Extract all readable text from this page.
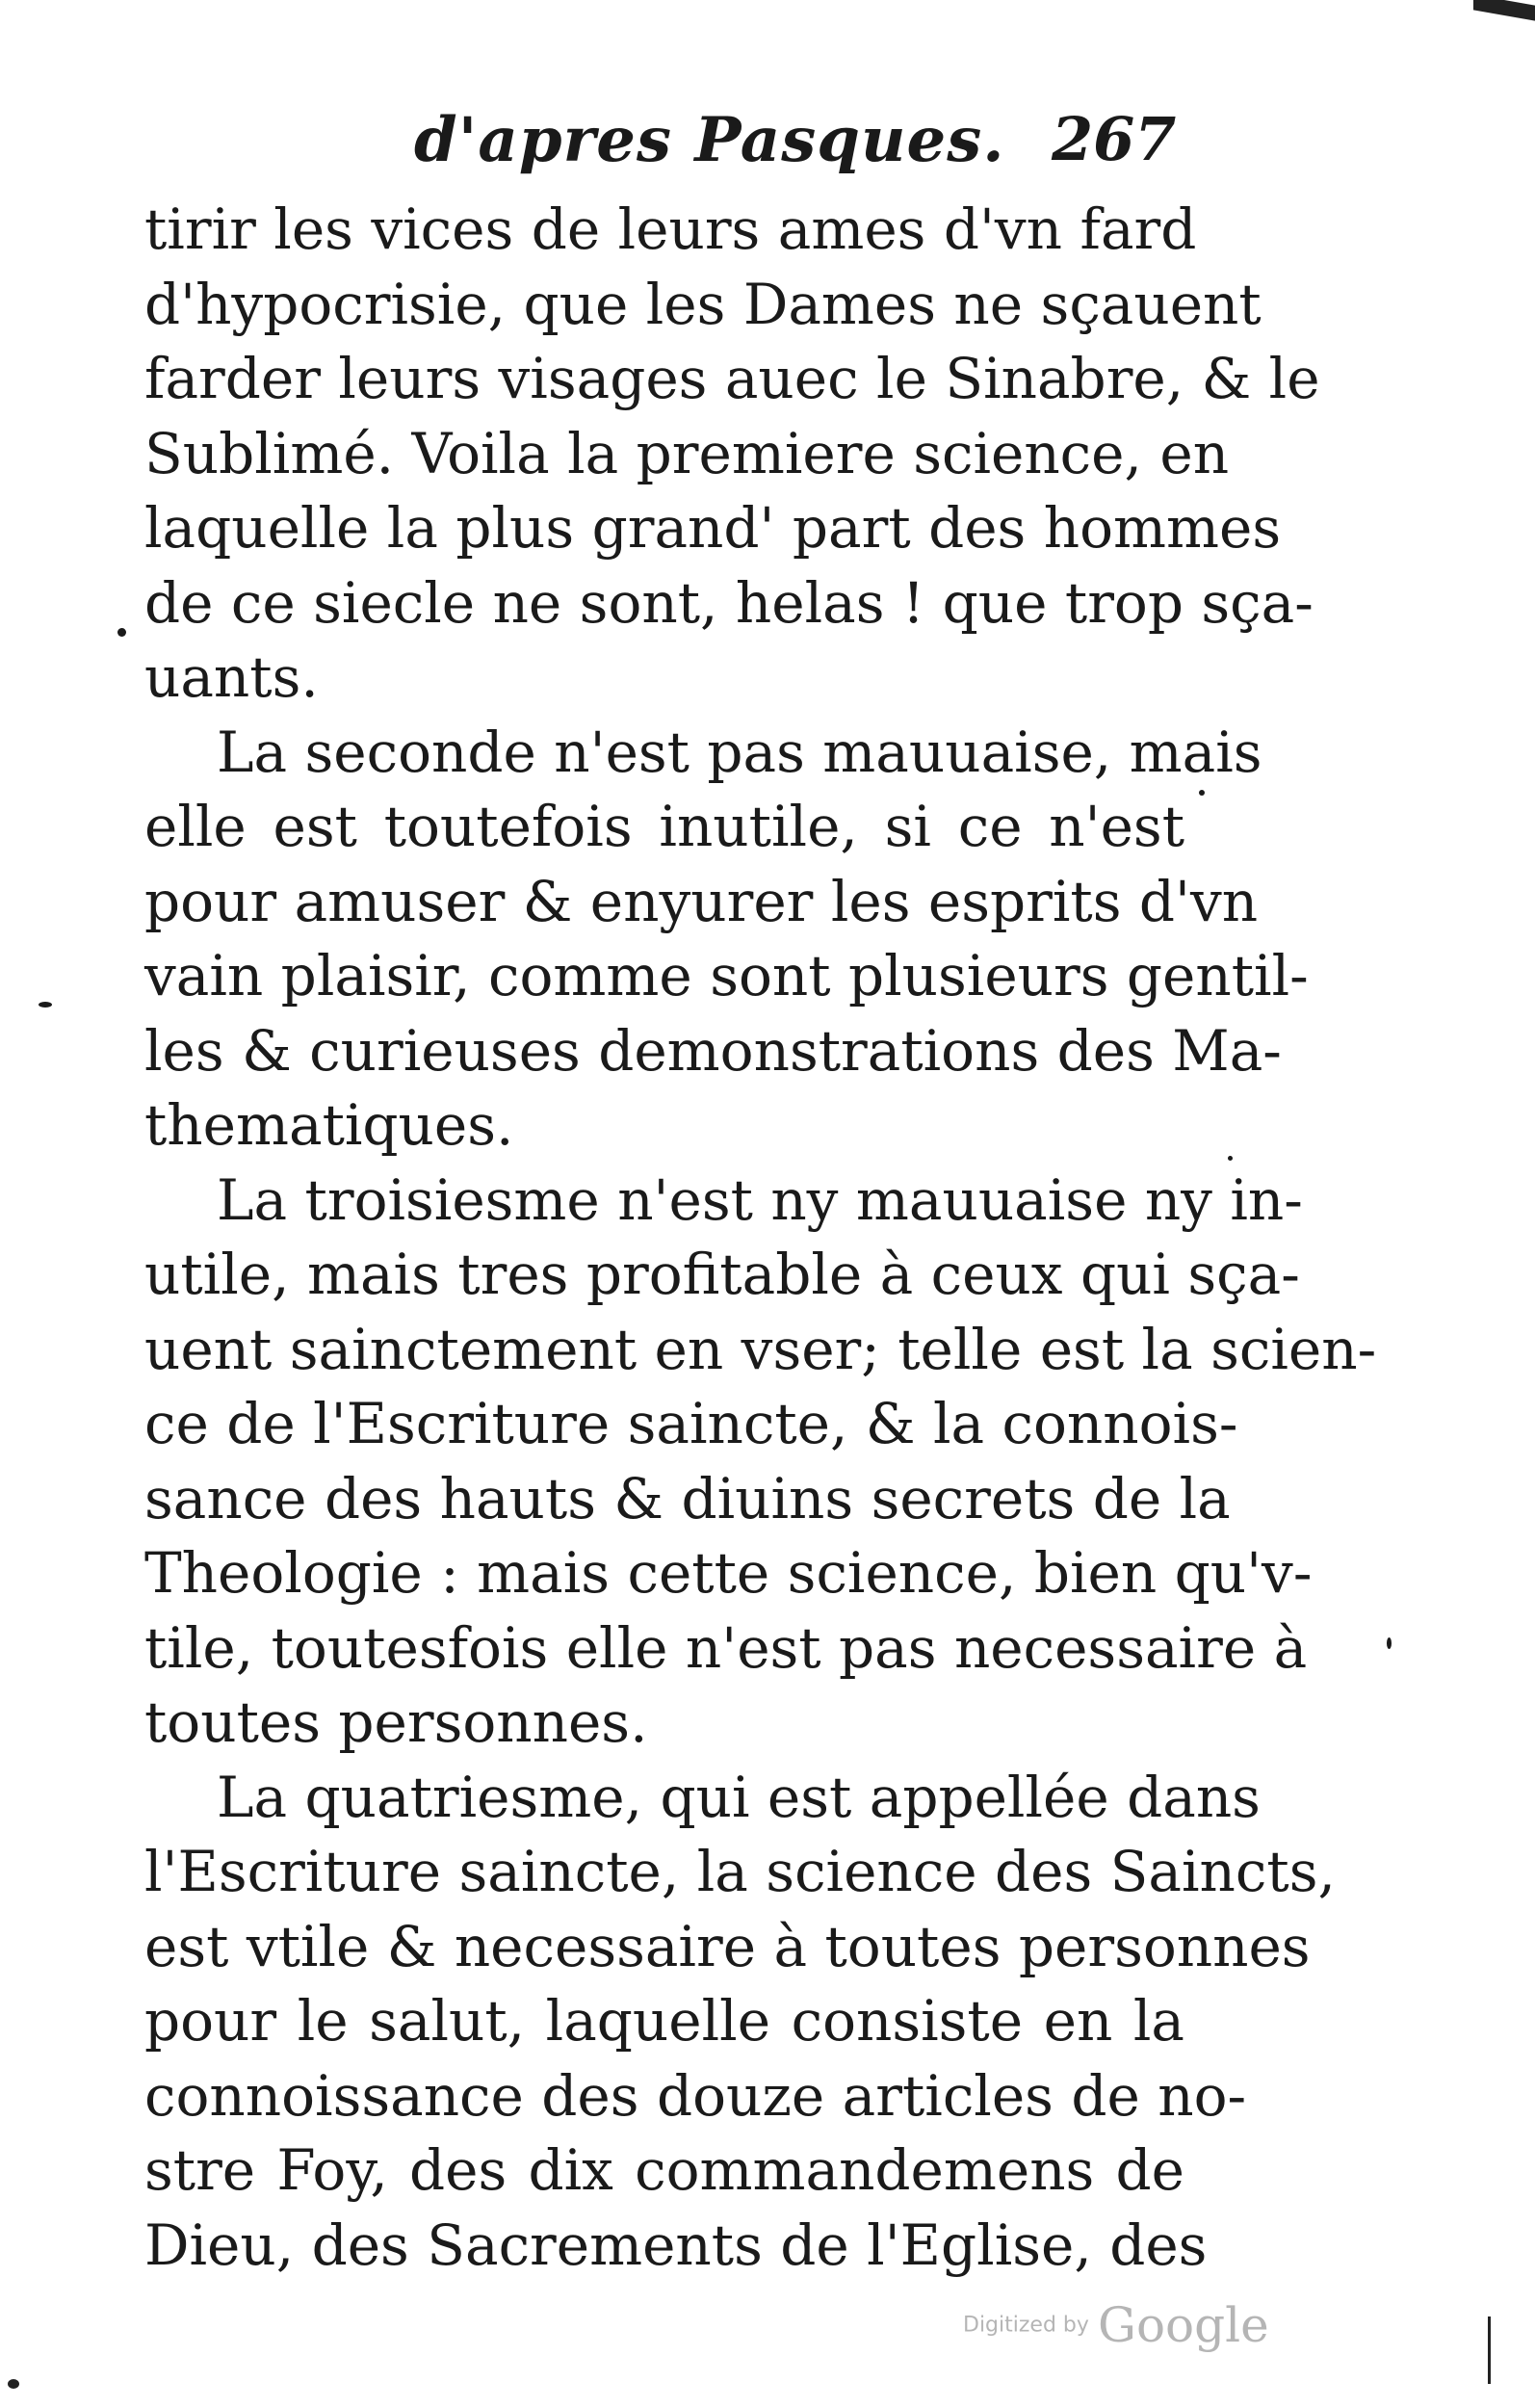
d'apres Pasques. 267
tirir les vices de leurs ames d'vn fard
d'hypocrisie, que les Dames ne sçauent
farder leurs visages auec le Sinabre, & le
Sublimé. Voila la premiere science, en
laquelle la plus grand' part des hommes
de ce siecle ne sont, helas ! que trop sça-
uants.
La seconde n'est pas mauuaise, mais
elle est toutefois inutile, si ce n'est
pour amuser & enyurer les esprits d'vn
vain plaisir, comme sont plusieurs gentil-
les & curieuses demonstrations des Ma-
thematiques.
La troisiesme n'est ny mauuaise ny in-
utile, mais tres profitable à ceux qui sça-
uent sainctement en vser; telle est la scien-
ce de l'Escriture saincte, & la connois-
sance des hauts & diuins secrets de la
Theologie : mais cette science, bien qu'v-
tile, toutesfois elle n'est pas necessaire à
toutes personnes.
La quatriesme, qui est appellée dans
l'Escriture saincte, la science des Saincts,
est vtile & necessaire à toutes personnes
pour le salut, laquelle consiste en la
connoissance des douze articles de no-
stre Foy, des dix commandemens de
Dieu, des Sacrements de l'Eglise, des
Digitized by Google
